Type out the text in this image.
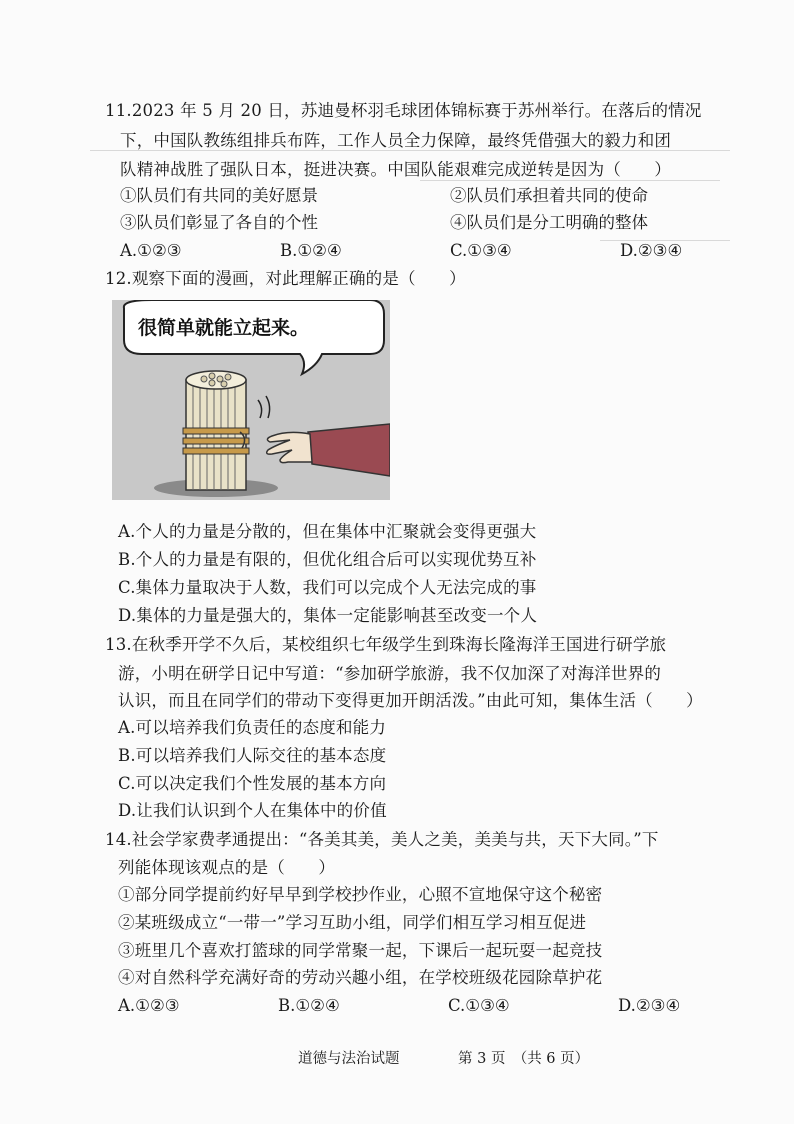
11.2023 年 5 月 20 日，苏迪曼杯羽毛球团体锦标赛于苏州举行。在落后的情况
下，中国队教练组排兵布阵，工作人员全力保障，最终凭借强大的毅力和团
队精神战胜了强队日本，挺进决赛。中国队能艰难完成逆转是因为（　　）
①队员们有共同的美好愿景	②队员们承担着共同的使命
③队员们彰显了各自的个性	④队员们是分工明确的整体
A.①②③	B.①②④	C.①③④	D.②③④
12.观察下面的漫画，对此理解正确的是（　　）
很简单就能立起来。
A.个人的力量是分散的，但在集体中汇聚就会变得更强大
B.个人的力量是有限的，但优化组合后可以实现优势互补
C.集体力量取决于人数，我们可以完成个人无法完成的事
D.集体的力量是强大的，集体一定能影响甚至改变一个人
13.在秋季开学不久后，某校组织七年级学生到珠海长隆海洋王国进行研学旅
游，小明在研学日记中写道：“参加研学旅游，我不仅加深了对海洋世界的
认识，而且在同学们的带动下变得更加开朗活泼。”由此可知，集体生活（　　）
A.可以培养我们负责任的态度和能力
B.可以培养我们人际交往的基本态度
C.可以决定我们个性发展的基本方向
D.让我们认识到个人在集体中的价值
14.社会学家费孝通提出：“各美其美，美人之美，美美与共，天下大同。”下
列能体现该观点的是（　　）
①部分同学提前约好早早到学校抄作业，心照不宣地保守这个秘密
②某班级成立“一带一”学习互助小组，同学们相互学习相互促进
③班里几个喜欢打篮球的同学常聚一起，下课后一起玩耍一起竞技
④对自然科学充满好奇的劳动兴趣小组，在学校班级花园除草护花
A.①②③	B.①②④	C.①③④	D.②③④
道德与法治试题	第 3 页　（共 6 页）
